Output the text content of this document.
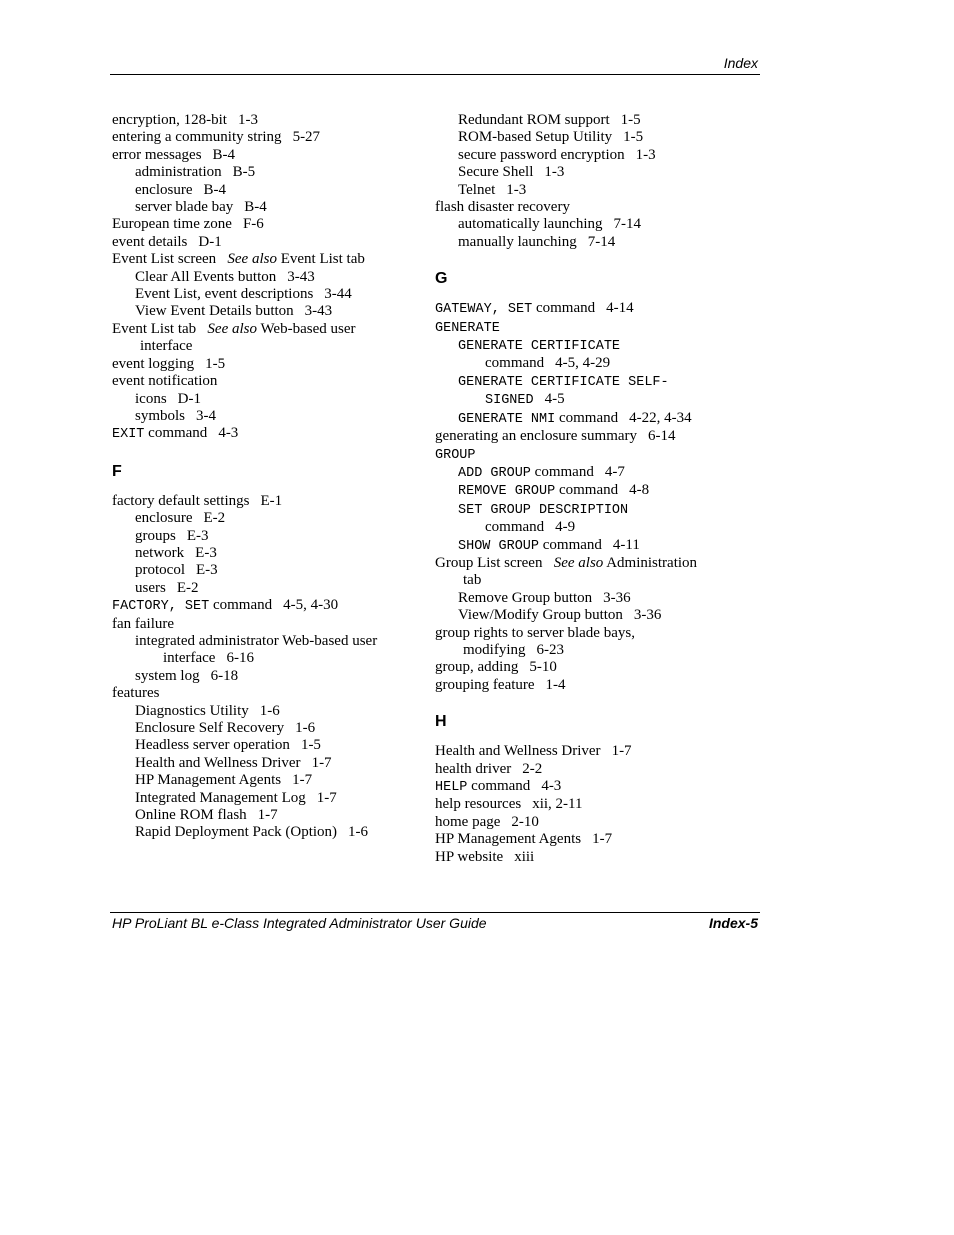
Index
encryption, 128-bit 1-3
entering a community string 5-27
error messages B-4
administration B-5
enclosure B-4
server blade bay B-4
European time zone F-6
event details D-1
Event List screen See also Event List tab
Clear All Events button 3-43
Event List, event descriptions 3-44
View Event Details button 3-43
Event List tab See also Web-based user
interface
event logging 1-5
event notification
icons D-1
symbols 3-4
EXIT command 4-3
F
factory default settings E-1
enclosure E-2
groups E-3
network E-3
protocol E-3
users E-2
FACTORY, SET command 4-5, 4-30
fan failure
integrated administrator Web-based user
interface 6-16
system log 6-18
features
Diagnostics Utility 1-6
Enclosure Self Recovery 1-6
Headless server operation 1-5
Health and Wellness Driver 1-7
HP Management Agents 1-7
Integrated Management Log 1-7
Online ROM flash 1-7
Rapid Deployment Pack (Option) 1-6
Redundant ROM support 1-5
ROM-based Setup Utility 1-5
secure password encryption 1-3
Secure Shell 1-3
Telnet 1-3
flash disaster recovery
automatically launching 7-14
manually launching 7-14
G
GATEWAY, SET command 4-14
GENERATE
GENERATE CERTIFICATE
command 4-5, 4-29
GENERATE CERTIFICATE SELF-
SIGNED 4-5
GENERATE NMI command 4-22, 4-34
generating an enclosure summary 6-14
GROUP
ADD GROUP command 4-7
REMOVE GROUP command 4-8
SET GROUP DESCRIPTION
command 4-9
SHOW GROUP command 4-11
Group List screen See also Administration
tab
Remove Group button 3-36
View/Modify Group button 3-36
group rights to server blade bays,
modifying 6-23
group, adding 5-10
grouping feature 1-4
H
Health and Wellness Driver 1-7
health driver 2-2
HELP command 4-3
help resources xii, 2-11
home page 2-10
HP Management Agents 1-7
HP website xiii
HP ProLiant BL e-Class Integrated Administrator User Guide	Index-5
